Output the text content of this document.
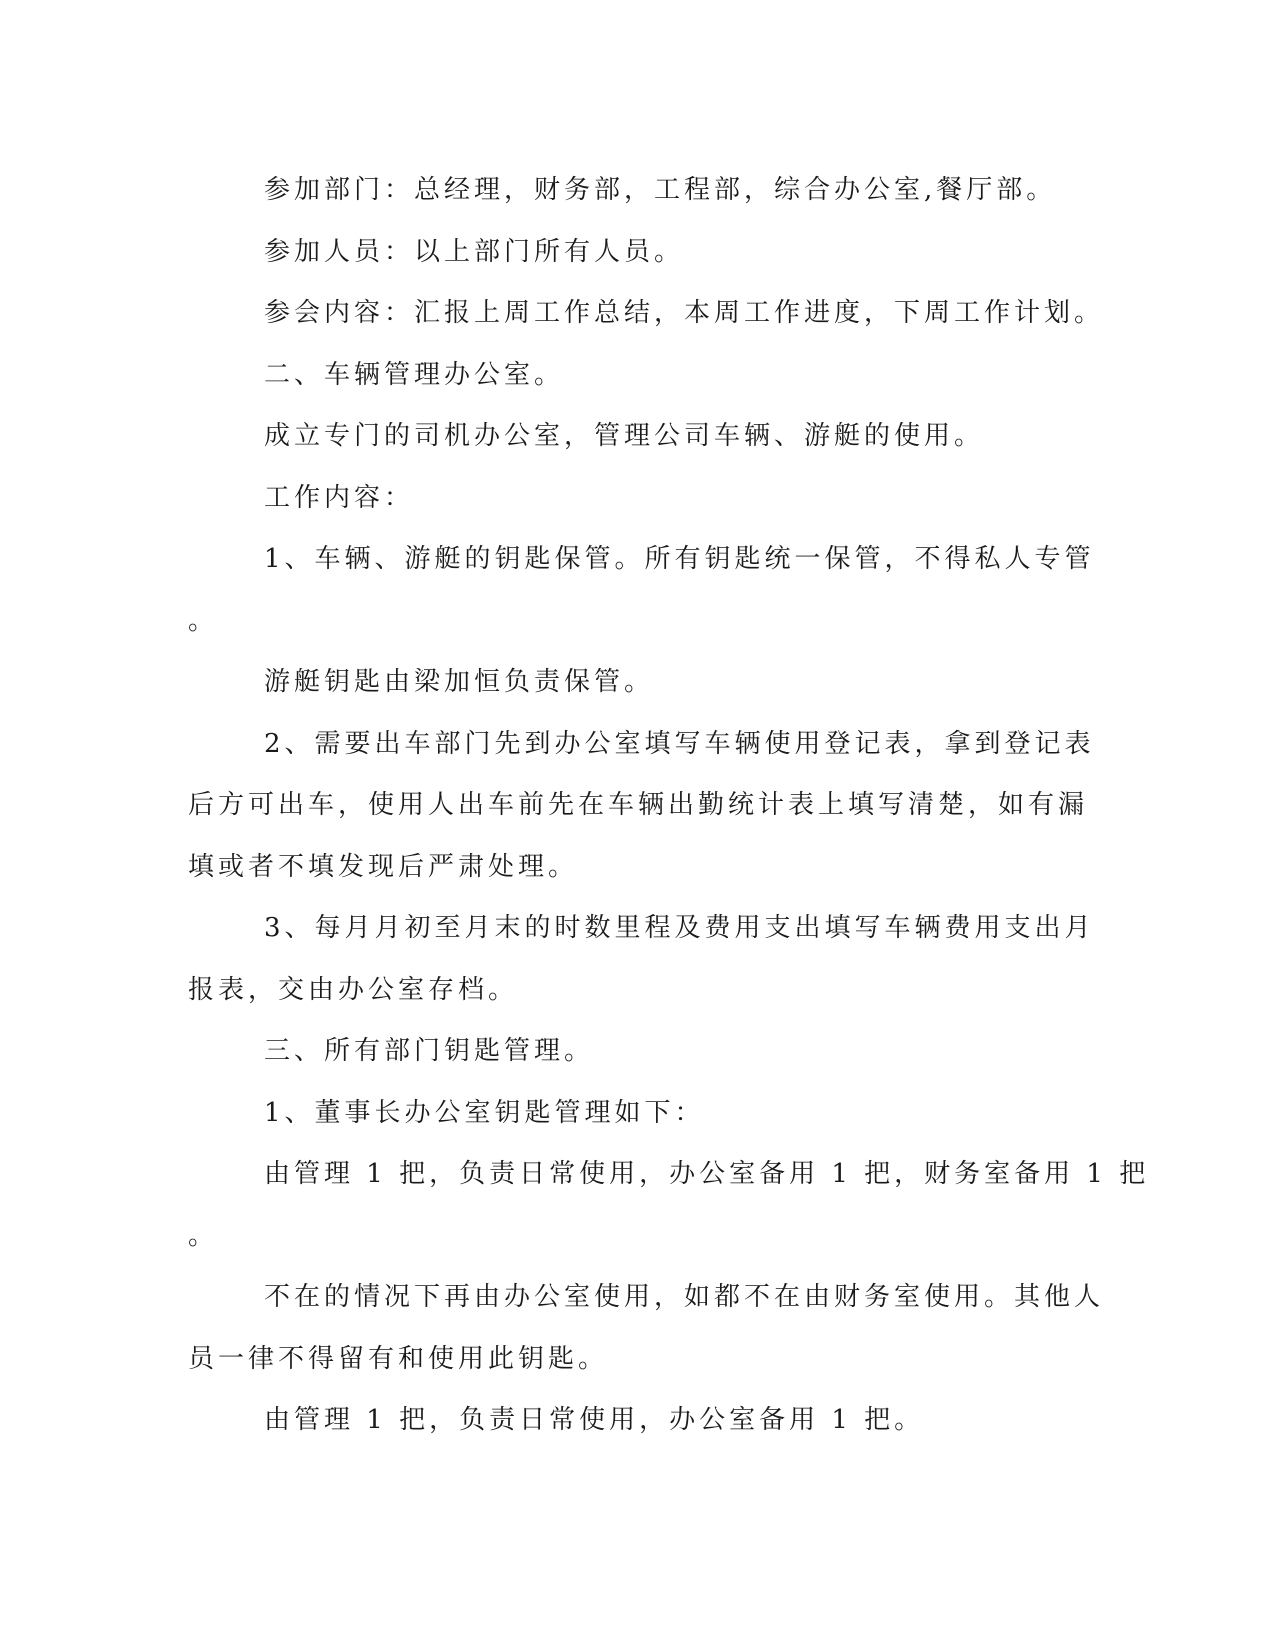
参加部门：总经理，财务部，工程部，综合办公室,餐厅部。

参加人员：以上部门所有人员。

参会内容：汇报上周工作总结，本周工作进度，下周工作计划。

二、车辆管理办公室。

成立专门的司机办公室，管理公司车辆、游艇的使用。

工作内容：

1、车辆、游艇的钥匙保管。所有钥匙统一保管，不得私人专管

。

游艇钥匙由梁加恒负责保管。

2、需要出车部门先到办公室填写车辆使用登记表，拿到登记表

后方可出车，使用人出车前先在车辆出勤统计表上填写清楚，如有漏

填或者不填发现后严肃处理。

3、每月月初至月末的时数里程及费用支出填写车辆费用支出月

报表，交由办公室存档。

三、所有部门钥匙管理。

1、董事长办公室钥匙管理如下：

由管理 1 把，负责日常使用，办公室备用 1 把，财务室备用 1 把

。

不在的情况下再由办公室使用，如都不在由财务室使用。其他人

员一律不得留有和使用此钥匙。

由管理 1 把，负责日常使用，办公室备用 1 把。
